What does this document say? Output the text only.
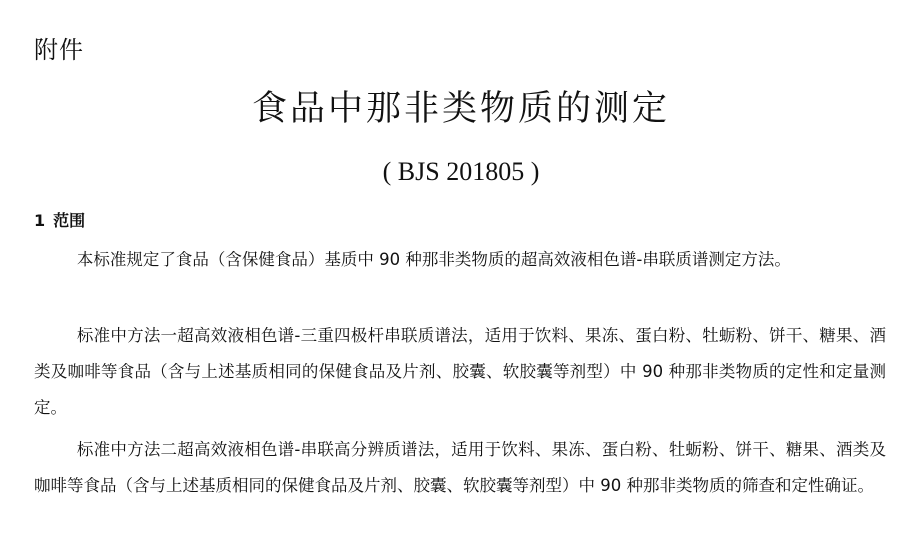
附件
食品中那非类物质的测定
( BJS 201805 )
1 范围

本标准规定了食品（含保健食品）基质中 90 种那非类物质的超高效液相色谱-串联质谱测定方法。

标准中方法一超高效液相色谱-三重四极杆串联质谱法，适用于饮料、果冻、蛋白粉、牡蛎粉、饼干、糖果、酒类及咖啡等食品（含与上述基质相同的保健食品及片剂、胶囊、软胶囊等剂型）中 90 种那非类物质的定性和定量测定。

标准中方法二超高效液相色谱-串联高分辨质谱法，适用于饮料、果冻、蛋白粉、牡蛎粉、饼干、糖果、酒类及咖啡等食品（含与上述基质相同的保健食品及片剂、胶囊、软胶囊等剂型）中 90 种那非类物质的筛查和定性确证。
